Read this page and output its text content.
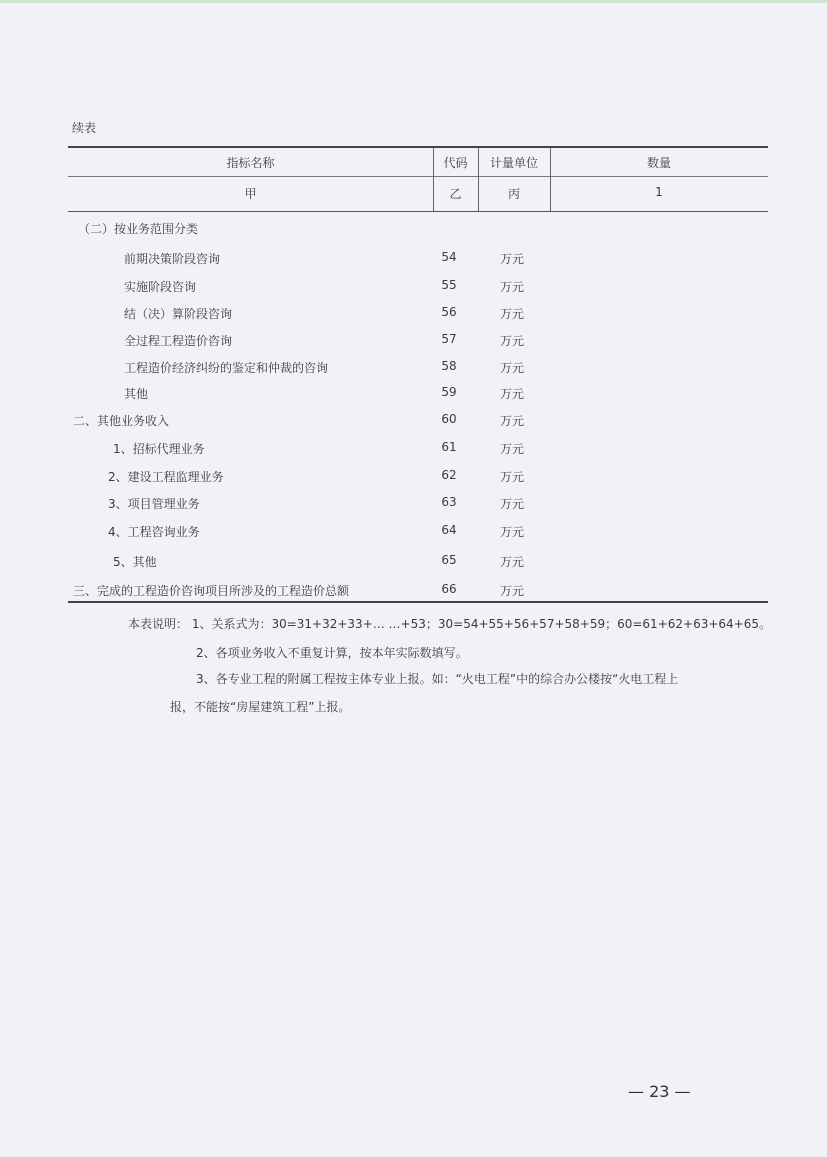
续表
指标名称	代码	计量单位	数量
甲	乙	丙	1
（二）按业务范围分类
前期决策阶段咨询	54	万元
实施阶段咨询	55	万元
结（决）算阶段咨询	56	万元
全过程工程造价咨询	57	万元
工程造价经济纠纷的鉴定和仲裁的咨询	58	万元
其他	59	万元
二、其他业务收入	60	万元
1、招标代理业务	61	万元
2、建设工程监理业务	62	万元
3、项目管理业务	63	万元
4、工程咨询业务	64	万元
5、其他	65	万元
三、完成的工程造价咨询项目所涉及的工程造价总额	66	万元
本表说明： 1、关系式为：30=31+32+33+… …+53；30=54+55+56+57+58+59；60=61+62+63+64+65。
2、各项业务收入不重复计算，按本年实际数填写。
3、各专业工程的附属工程按主体专业上报。如：“火电工程”中的综合办公楼按“火电工程上
报，不能按“房屋建筑工程”上报。
— 23 —
